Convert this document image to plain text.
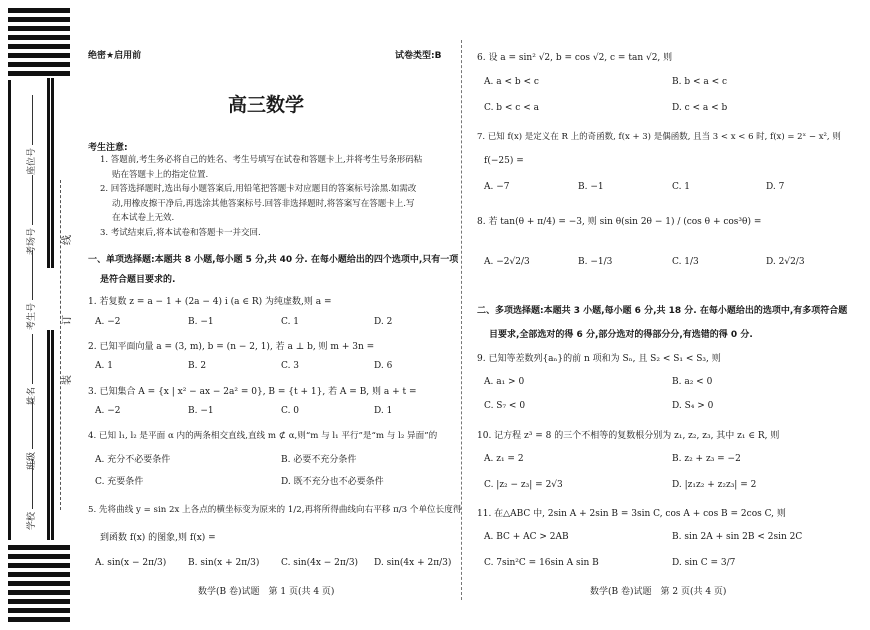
座位号
考场号
考生号
姓名
班级
学校
线
订
装
绝密★启用前	试卷类型:B
高三数学
考生注意:
1. 答题前,考生务必将自己的姓名、考生号填写在试卷和答题卡上,并将考生号条形码粘
贴在答题卡上的指定位置.
2. 回答选择题时,选出每小题答案后,用铅笔把答题卡对应题目的答案标号涂黑.如需改
动,用橡皮擦干净后,再选涂其他答案标号.回答非选择题时,将答案写在答题卡上.写
在本试卷上无效.
3. 考试结束后,将本试卷和答题卡一并交回.
一、单项选择题:本题共 8 小题,每小题 5 分,共 40 分. 在每小题给出的四个选项中,只有一项
是符合题目要求的.
1. 若复数 z = a − 1 + (2a − 4) i (a ∈ R) 为纯虚数,则 a =
A. −2	B. −1	C. 1	D. 2
2. 已知平面向量 a = (3, m), b = (n − 2, 1), 若 a ⊥ b, 则 m + 3n =
A. 1	B. 2	C. 3	D. 6
3. 已知集合 A = {x | x² − ax − 2a² = 0}, B = {t + 1}, 若 A = B, 则 a + t =
A. −2	B. −1	C. 0	D. 1
4. 已知 l₁, l₂ 是平面 α 内的两条相交直线,直线 m ⊄ α,则“m 与 l₁ 平行”是“m 与 l₂ 异面”的
A. 充分不必要条件	B. 必要不充分条件
C. 充要条件	D. 既不充分也不必要条件
5. 先将曲线 y = sin 2x 上各点的横坐标变为原来的 1/2,再将所得曲线向右平移 π/3 个单位长度得
到函数 f(x) 的图象,则 f(x) =
A. sin(x − 2π/3) B. sin(x + 2π/3) C. sin(4x − 2π/3) D. sin(4x + 2π/3)
数学(B 卷)试题　第 1 页(共 4 页)
6. 设 a = sin² √2, b = cos √2, c = tan √2, 则
A. a < b < c	B. b < a < c
C. b < c < a	D. c < a < b
7. 已知 f(x) 是定义在 R 上的奇函数, f(x + 3) 是偶函数, 且当 3 < x < 6 时, f(x) = 2ˣ − x², 则
f(−25) =
A. −7	B. −1	C. 1	D. 7
8. 若 tan(θ + π/4) = −3, 则 sin θ(sin 2θ − 1) / (cos θ + cos³θ) =
A. −2√2/3	B. −1/3	C. 1/3	D. 2√2/3
二、多项选择题:本题共 3 小题,每小题 6 分,共 18 分. 在每小题给出的选项中,有多项符合题
目要求,全部选对的得 6 分,部分选对的得部分分,有选错的得 0 分.
9. 已知等差数列{aₙ}的前 n 项和为 Sₙ, 且 S₂ < S₁ < S₃, 则
A. a₁ > 0	B. a₂ < 0
C. S₇ < 0	D. S₄ > 0
10. 记方程 z³ = 8 的三个不相等的复数根分别为 z₁, z₂, z₃, 其中 z₁ ∈ R, 则
A. z₁ = 2	B. z₂ + z₃ = −2
C. |z₂ − z₃| = 2√3	D. |z₁z₂ + z₂z₃| = 2
11. 在△ABC 中, 2sin A + 2sin B = 3sin C, cos A + cos B = 2cos C, 则
A. BC + AC > 2AB	B. sin 2A + sin 2B < 2sin 2C
C. 7sin²C = 16sin A sin B	D. sin C = 3/7
数学(B 卷)试题　第 2 页(共 4 页)
